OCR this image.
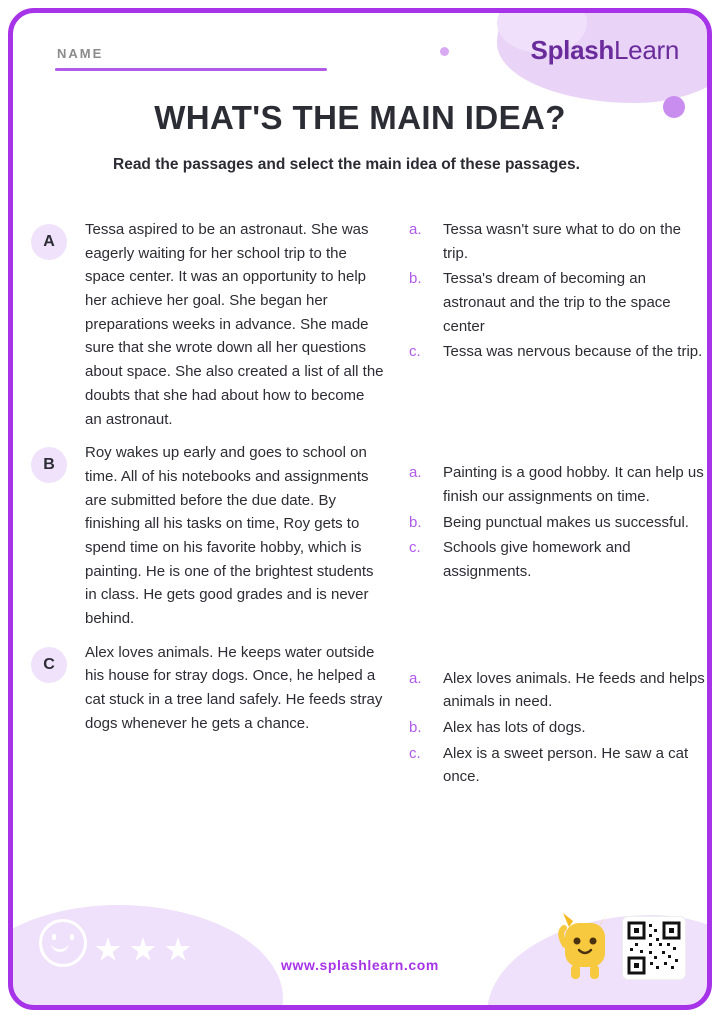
NAME	SplashLearn
WHAT'S THE MAIN IDEA?
Read the passages and select the main idea of these passages.
A
Tessa aspired to be an astronaut. She was eagerly waiting for her school trip to the space center. It was an opportunity to help her achieve her goal. She began her preparations weeks in advance. She made sure that she wrote down all her questions about space. She also created a list of all the doubts that she had about how to become an astronaut.
a.	Tessa wasn't sure what to do on the trip.
b.	Tessa's dream of becoming an astronaut and the trip to the space center
c.	Tessa was nervous because of the trip.
B
Roy wakes up early and goes to school on time. All of his notebooks and assignments are submitted before the due date. By finishing all his tasks on time, Roy gets to spend time on his favorite hobby, which is painting. He is one of the brightest students in class. He gets good grades and is never behind.
a.	Painting is a good hobby. It can help us finish our assignments on time.
b.	Being punctual makes us successful.
c.	Schools give homework and assignments.
C
Alex loves animals. He keeps water outside his house for stray dogs. Once, he helped a cat stuck in a tree land safely. He feeds stray dogs whenever he gets a chance.
a.	Alex loves animals. He feeds and helps animals in need.
b.	Alex has lots of dogs.
c.	Alex is a sweet person. He saw a cat once.
www.splashlearn.com
